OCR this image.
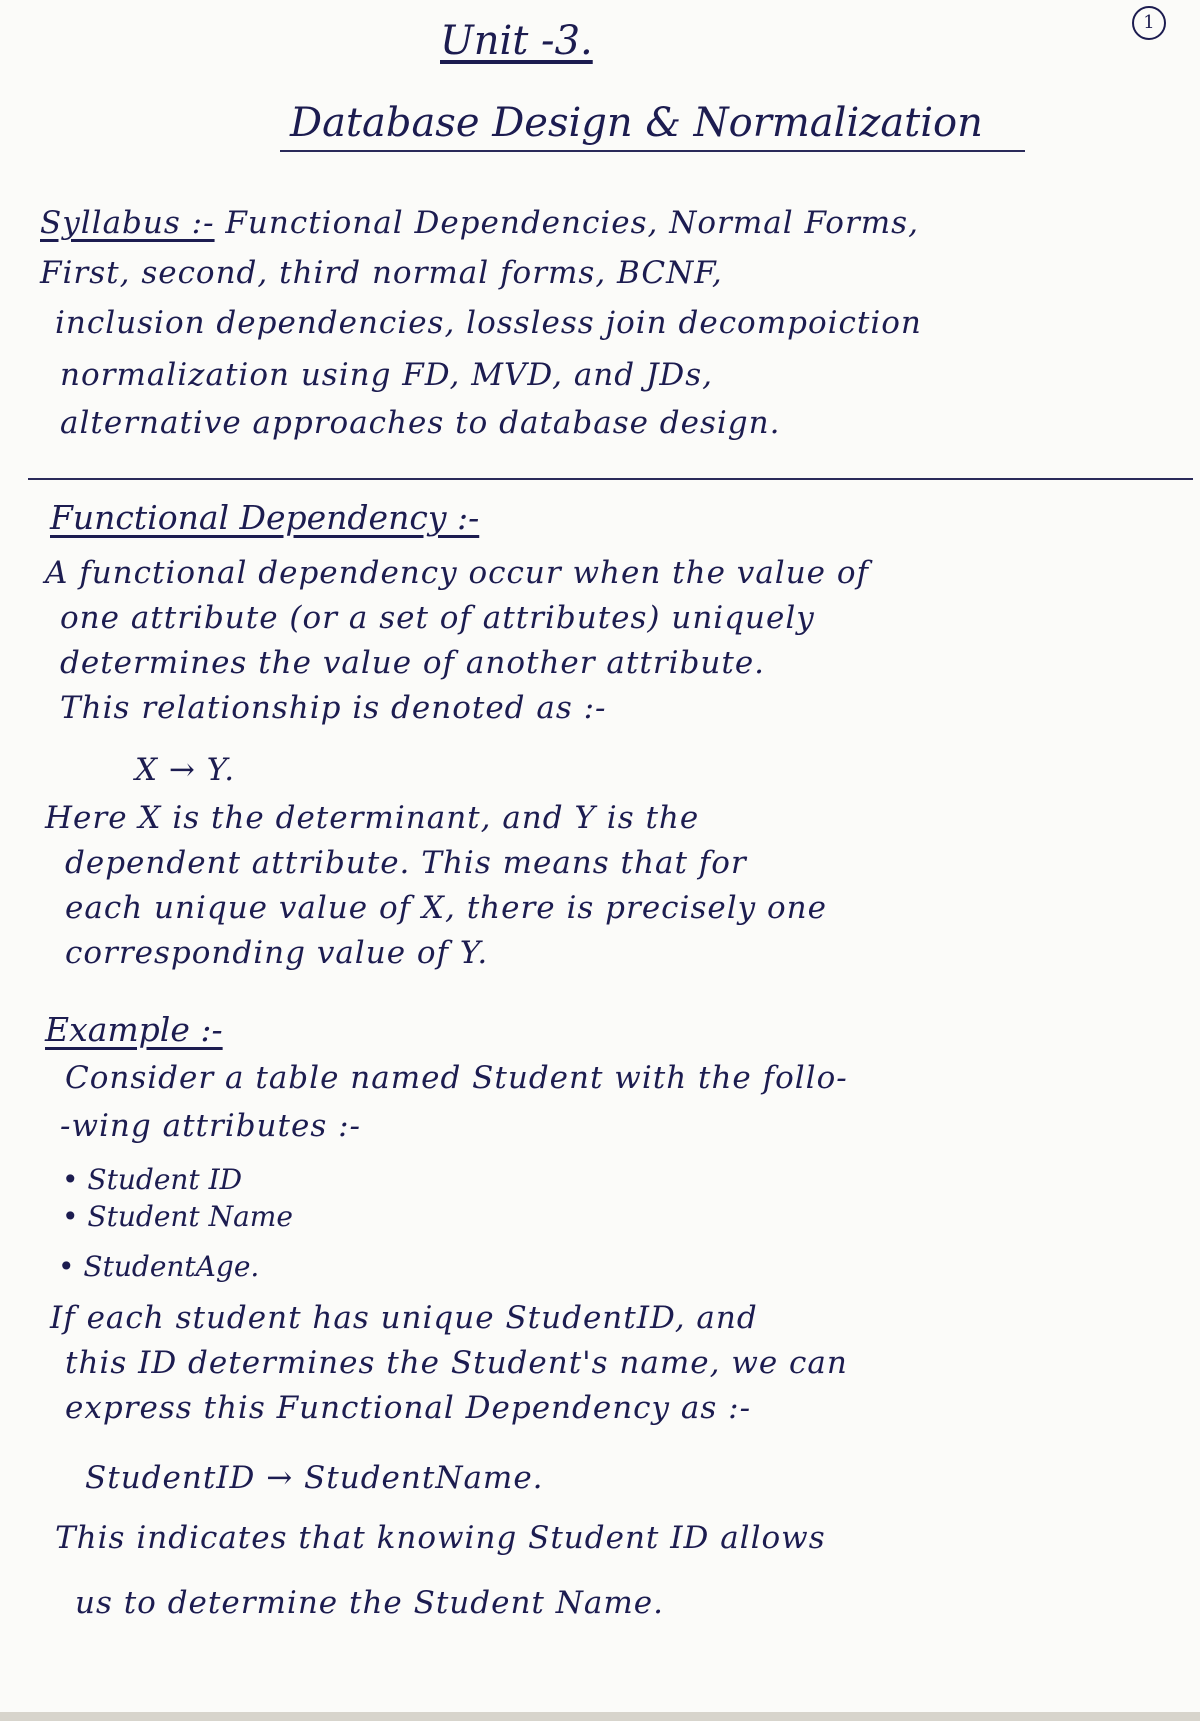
1
Unit -3.
Database Design & Normalization
Syllabus :- Functional Dependencies, Normal Forms,
First, second, third normal forms, BCNF,
inclusion dependencies, lossless join decompoiction
normalization using FD, MVD, and JDs,
alternative approaches to database design.
Functional Dependency :-
A functional dependency occur when the value of
one attribute (or a set of attributes) uniquely
determines the value of another attribute.
This relationship is denoted as :-
X → Y.
Here X is the determinant, and Y is the
dependent attribute. This means that for
each unique value of X, there is precisely one
corresponding value of Y.
Example :-
Consider a table named Student with the follo-
-wing attributes :-
• Student ID
• Student Name
• StudentAge.
If each student has unique StudentID, and
this ID determines the Student's name, we can
express this Functional Dependency as :-
StudentID → StudentName.
This indicates that knowing Student ID allows
us to determine the Student Name.
